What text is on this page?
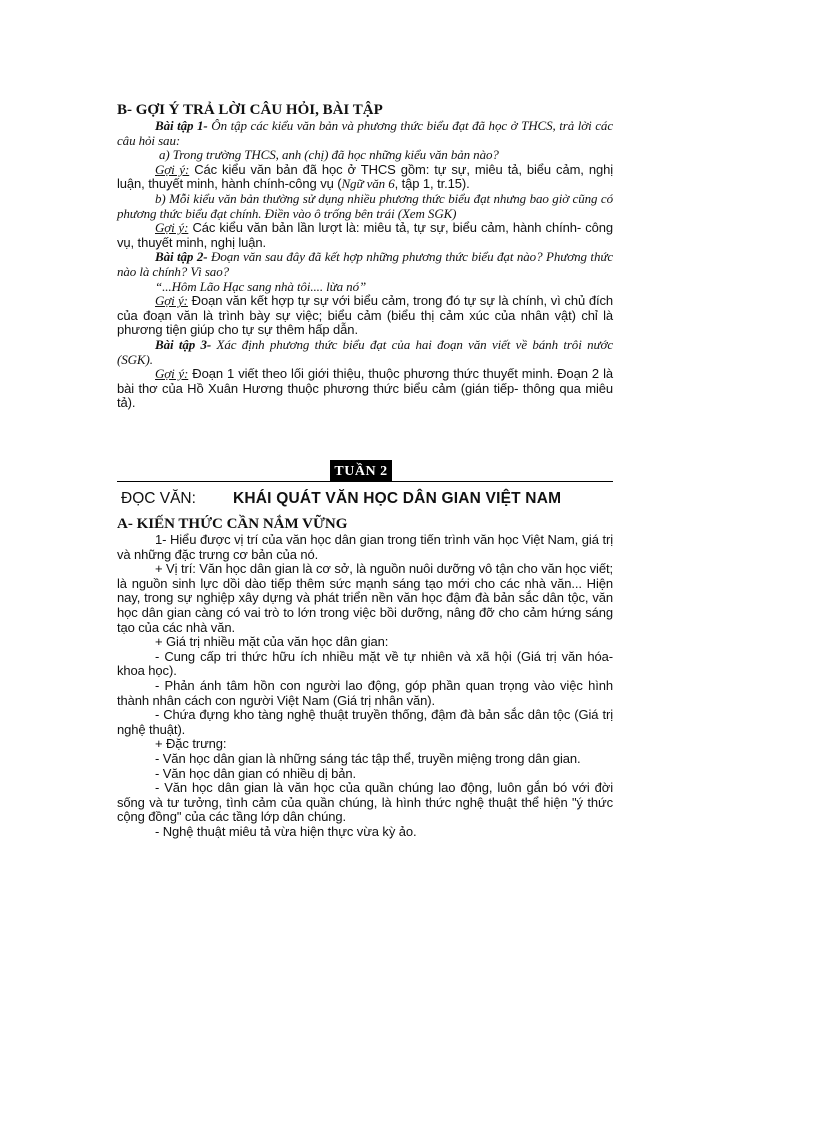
B- GỢI Ý TRẢ LỜI CÂU HỎI, BÀI TẬP

Bài tập 1- Ôn tập các kiểu văn bản và phương thức biểu đạt đã học ở THCS, trả lời các câu hỏi sau:

a) Trong trường THCS, anh (chị) đã học những kiểu văn bản nào?

Gợi ý: Các kiểu văn bản đã học ở THCS gồm: tự sự, miêu tả, biểu cảm, nghị luận, thuyết minh, hành chính-công vụ (Ngữ văn 6, tập 1, tr.15).

b) Mỗi kiểu văn bản thường sử dụng nhiều phương thức biểu đạt nhưng bao giờ cũng có phương thức biểu đạt chính. Điền vào ô trống bên trái (Xem SGK)

Gợi ý: Các kiểu văn bản lần lượt là: miêu tả, tự sự, biểu cảm, hành chính- công vụ, thuyết minh, nghị luận.

Bài tập 2- Đoạn văn sau đây đã kết hợp những phương thức biểu đạt nào? Phương thức nào là chính? Vì sao?

“...Hôm Lão Hạc sang nhà tôi.... lừa nó”

Gợi ý: Đoạn văn kết hợp tự sự với biểu cảm, trong đó tự sự là chính, vì chủ đích của đoạn văn là trình bày sự việc; biểu cảm (biểu thị cảm xúc của nhân vật) chỉ là phương tiện giúp cho tự sự thêm hấp dẫn.

Bài tập 3- Xác định phương thức biểu đạt của hai đoạn văn viết về bánh trôi nước (SGK).

Gợi ý: Đoạn 1 viết theo lối giới thiệu, thuộc phương thức thuyết minh. Đoạn 2 là bài thơ của Hồ Xuân Hương thuộc phương thức biểu cảm (gián tiếp- thông qua miêu tả).

TUẦN 2
ĐỌC VĂN: KHÁI QUÁT VĂN HỌC DÂN GIAN VIỆT NAM
A- KIẾN THỨC CẦN NẮM VỮNG

1- Hiểu được vị trí của văn học dân gian trong tiến trình văn học Việt Nam, giá trị và những đặc trưng cơ bản của nó.

+ Vị trí: Văn học dân gian là cơ sở, là nguồn nuôi dưỡng vô tận cho văn học viết; là nguồn sinh lực dồi dào tiếp thêm sức mạnh sáng tạo mới cho các nhà văn... Hiện nay, trong sự nghiệp xây dựng và phát triển nền văn học đậm đà bản sắc dân tộc, văn học dân gian càng có vai trò to lớn trong việc bồi dưỡng, nâng đỡ cho cảm hứng sáng tạo của các nhà văn.

+ Giá trị nhiều mặt của văn học dân gian:

- Cung cấp tri thức hữu ích nhiều mặt về tự nhiên và xã hội (Giá trị văn hóa- khoa học).

- Phản ánh tâm hồn con người lao động, góp phần quan trọng vào việc hình thành nhân cách con người Việt Nam (Giá trị nhân văn).

- Chứa đựng kho tàng nghệ thuật truyền thống, đậm đà bản sắc dân tộc (Giá trị nghệ thuật).

+ Đặc trưng:

- Văn học dân gian là những sáng tác tập thể, truyền miệng trong dân gian.

- Văn học dân gian có nhiều dị bản.

- Văn học dân gian là văn học của quần chúng lao động, luôn gắn bó với đời sống và tư tưởng, tình cảm của quần chúng, là hình thức nghệ thuật thể hiện "ý thức cộng đồng" của các tầng lớp dân chúng.

- Nghệ thuật miêu tả vừa hiện thực vừa kỳ ảo.
